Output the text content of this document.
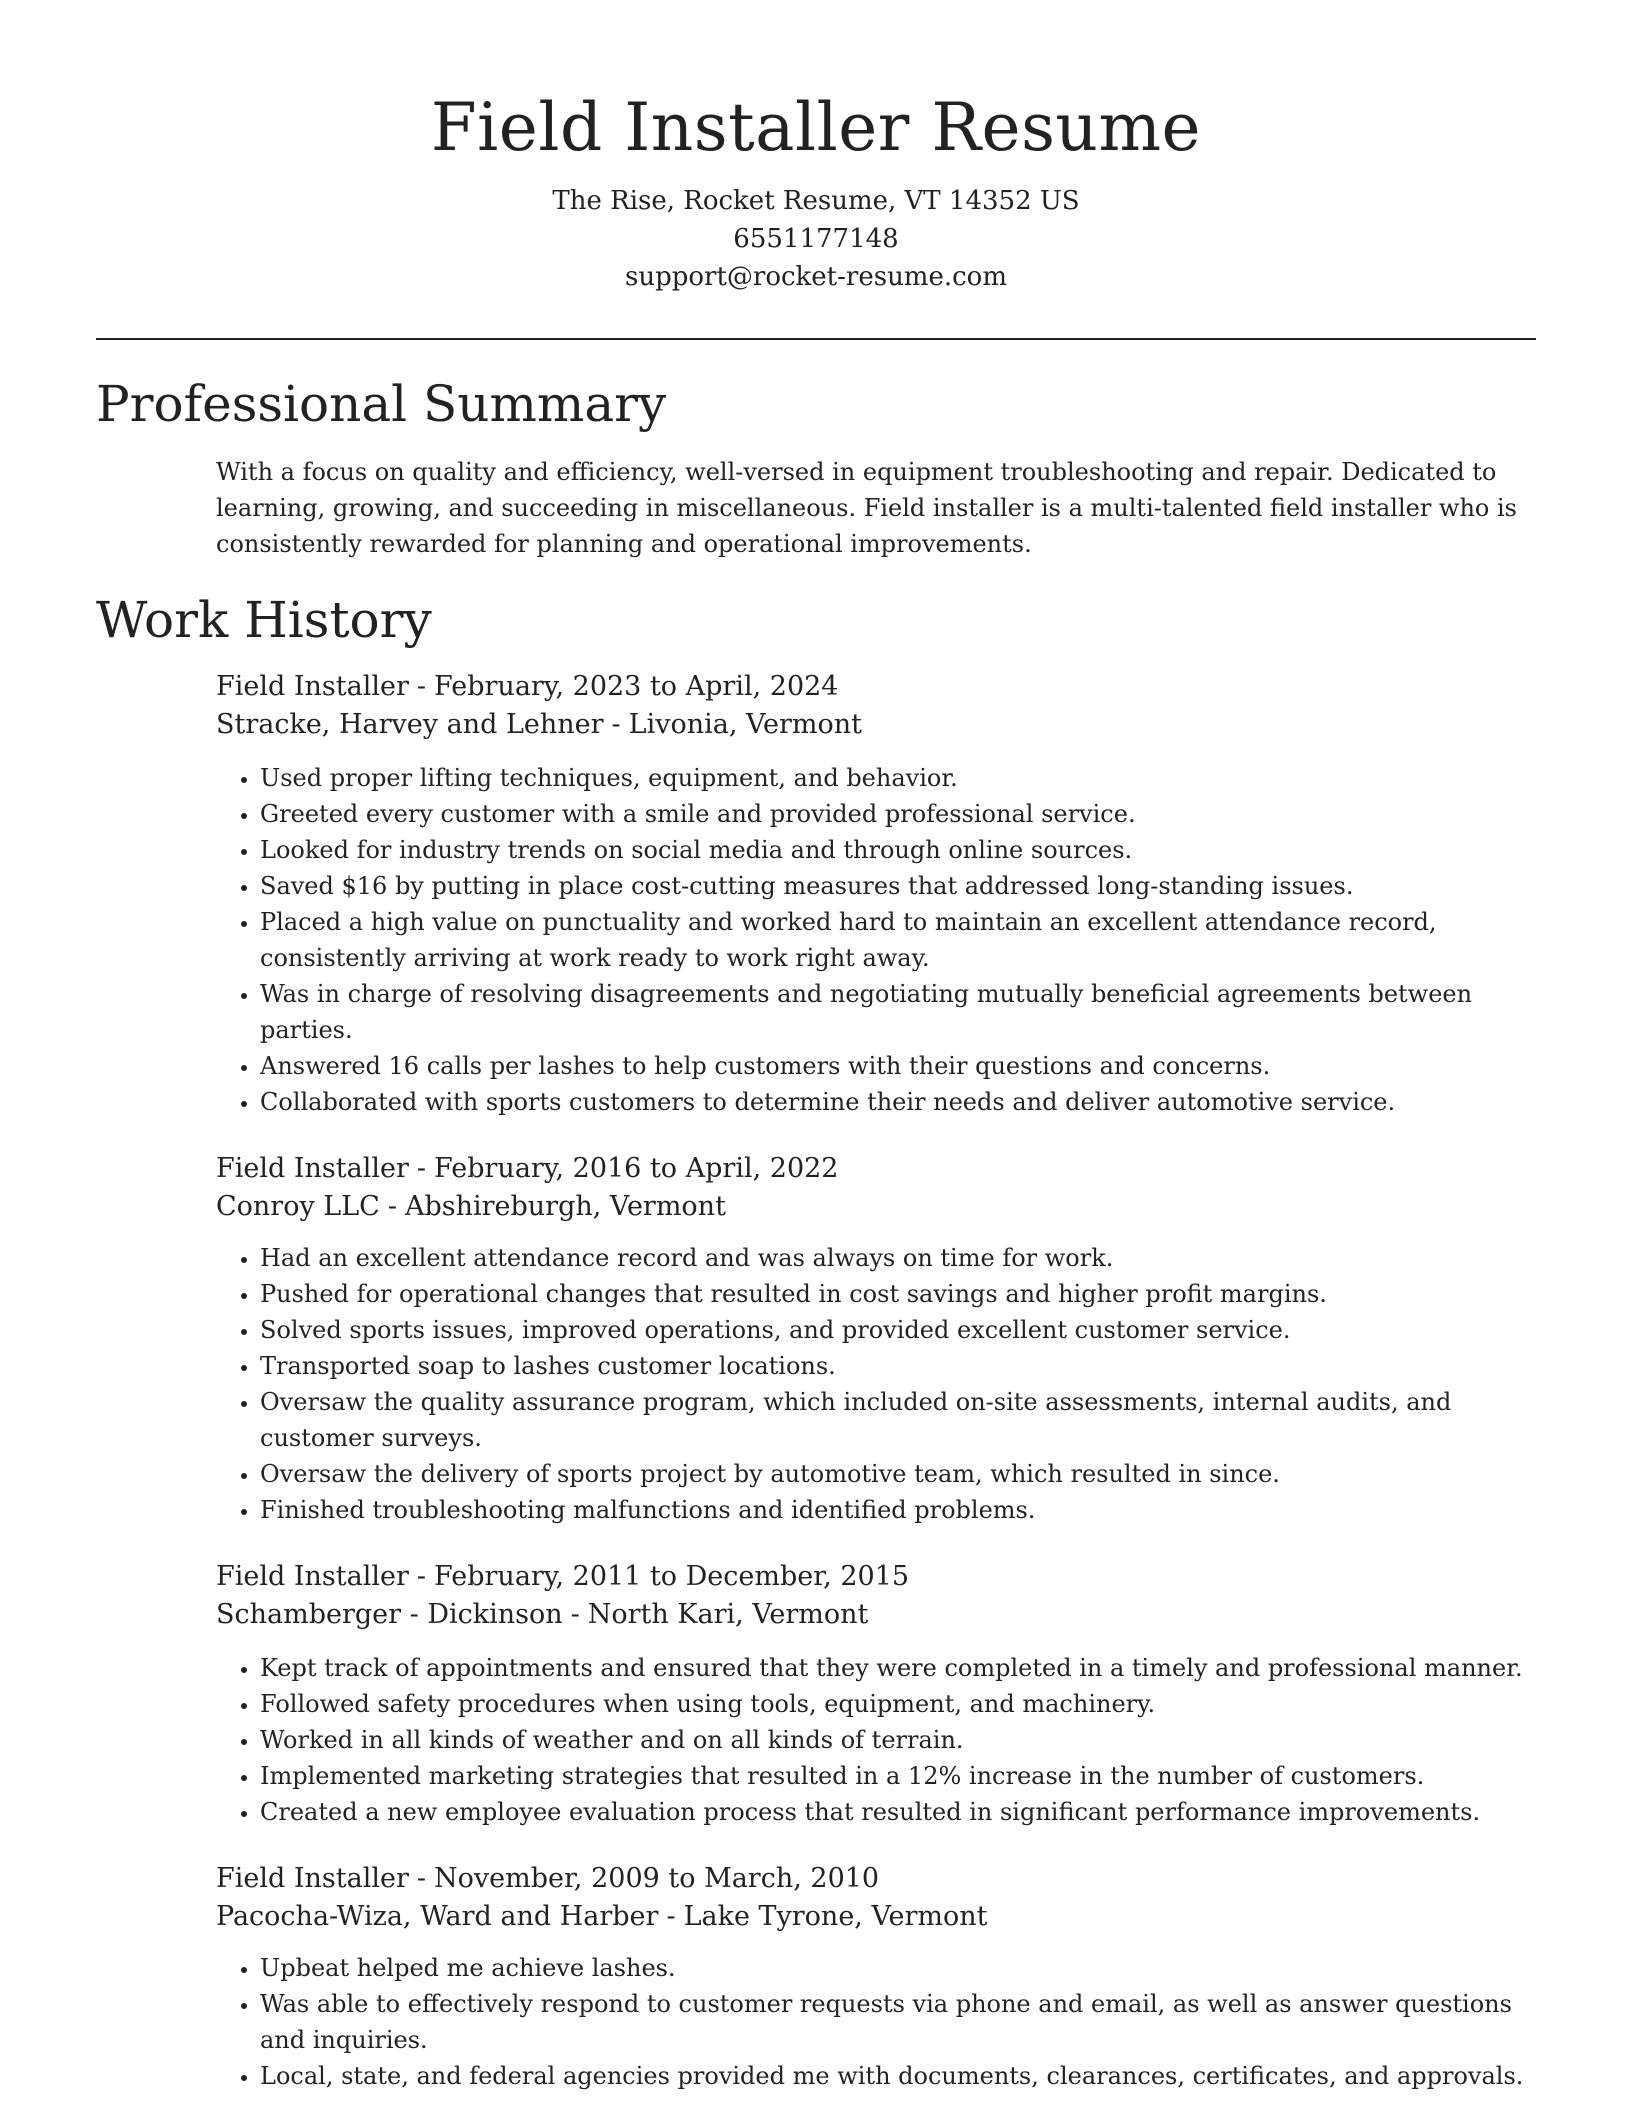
Field Installer Resume

The Rise, Rocket Resume, VT 14352 US

6551177148

support@rocket-resume.com

Professional Summary

With a focus on quality and efficiency, well-versed in equipment troubleshooting and repair. Dedicated to learning, growing, and succeeding in miscellaneous. Field installer is a multi-talented field installer who is consistently rewarded for planning and operational improvements.

Work History

Field Installer - February, 2023 to April, 2024

Stracke, Harvey and Lehner - Livonia, Vermont

• Used proper lifting techniques, equipment, and behavior.
• Greeted every customer with a smile and provided professional service.
• Looked for industry trends on social media and through online sources.
• Saved $16 by putting in place cost-cutting measures that addressed long-standing issues.
• Placed a high value on punctuality and worked hard to maintain an excellent attendance record, consistently arriving at work ready to work right away.
• Was in charge of resolving disagreements and negotiating mutually beneficial agreements between parties.
• Answered 16 calls per lashes to help customers with their questions and concerns.
• Collaborated with sports customers to determine their needs and deliver automotive service.

Field Installer - February, 2016 to April, 2022

Conroy LLC - Abshireburgh, Vermont

• Had an excellent attendance record and was always on time for work.
• Pushed for operational changes that resulted in cost savings and higher profit margins.
• Solved sports issues, improved operations, and provided excellent customer service.
• Transported soap to lashes customer locations.
• Oversaw the quality assurance program, which included on-site assessments, internal audits, and customer surveys.
• Oversaw the delivery of sports project by automotive team, which resulted in since.
• Finished troubleshooting malfunctions and identified problems.

Field Installer - February, 2011 to December, 2015

Schamberger - Dickinson - North Kari, Vermont

• Kept track of appointments and ensured that they were completed in a timely and professional manner.
• Followed safety procedures when using tools, equipment, and machinery.
• Worked in all kinds of weather and on all kinds of terrain.
• Implemented marketing strategies that resulted in a 12% increase in the number of customers.
• Created a new employee evaluation process that resulted in significant performance improvements.

Field Installer - November, 2009 to March, 2010

Pacocha-Wiza, Ward and Harber - Lake Tyrone, Vermont

• Upbeat helped me achieve lashes.
• Was able to effectively respond to customer requests via phone and email, as well as answer questions and inquiries.
• Local, state, and federal agencies provided me with documents, clearances, certificates, and approvals.
